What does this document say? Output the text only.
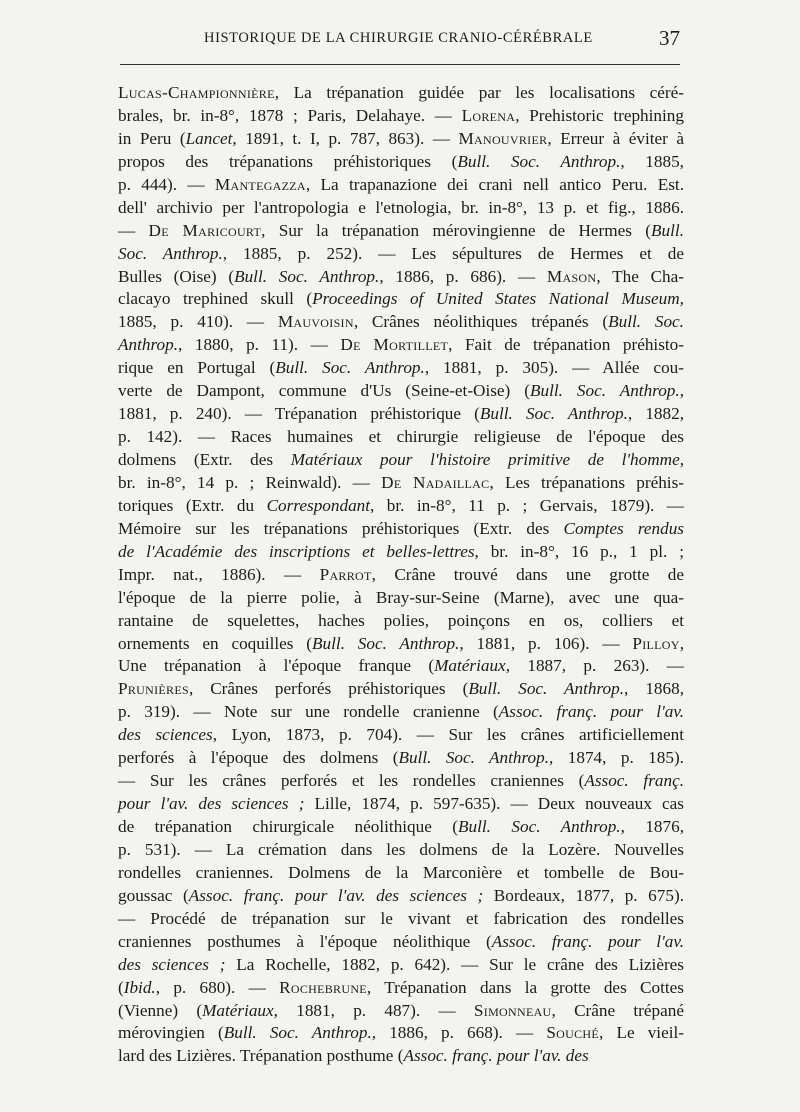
HISTORIQUE DE LA CHIRURGIE CRANIO-CÉRÉBRALE	37
Lucas-Championnière, La trépanation guidée par les localisations céré-
brales, br. in-8°, 1878 ; Paris, Delahaye. — Lorena, Prehistoric trephining
in Peru (Lancet, 1891, t. I, p. 787, 863). — Manouvrier, Erreur à éviter à
propos des trépanations préhistoriques (Bull. Soc. Anthrop., 1885,
p. 444). — Mantegazza, La trapanazione dei crani nell antico Peru. Est.
dell' archivio per l'antropologia e l'etnologia, br. in-8°, 13 p. et fig., 1886.
— De Maricourt, Sur la trépanation mérovingienne de Hermes (Bull.
Soc. Anthrop., 1885, p. 252). — Les sépultures de Hermes et de
Bulles (Oise) (Bull. Soc. Anthrop., 1886, p. 686). — Mason, The Cha-
clacayo trephined skull (Proceedings of United States National Museum,
1885, p. 410). — Mauvoisin, Crânes néolithiques trépanés (Bull. Soc.
Anthrop., 1880, p. 11). — De Mortillet, Fait de trépanation préhisto-
rique en Portugal (Bull. Soc. Anthrop., 1881, p. 305). — Allée cou-
verte de Dampont, commune d'Us (Seine-et-Oise) (Bull. Soc. Anthrop.,
1881, p. 240). — Trépanation préhistorique (Bull. Soc. Anthrop., 1882,
p. 142). — Races humaines et chirurgie religieuse de l'époque des
dolmens (Extr. des Matériaux pour l'histoire primitive de l'homme,
br. in-8°, 14 p. ; Reinwald). — De Nadaillac, Les trépanations préhis-
toriques (Extr. du Correspondant, br. in-8°, 11 p. ; Gervais, 1879). —
Mémoire sur les trépanations préhistoriques (Extr. des Comptes rendus
de l'Académie des inscriptions et belles-lettres, br. in-8°, 16 p., 1 pl. ;
Impr. nat., 1886). — Parrot, Crâne trouvé dans une grotte de
l'époque de la pierre polie, à Bray-sur-Seine (Marne), avec une qua-
rantaine de squelettes, haches polies, poinçons en os, colliers et
ornements en coquilles (Bull. Soc. Anthrop., 1881, p. 106). — Pilloy,
Une trépanation à l'époque franque (Matériaux, 1887, p. 263). —
Prunières, Crânes perforés préhistoriques (Bull. Soc. Anthrop., 1868,
p. 319). — Note sur une rondelle cranienne (Assoc. franç. pour l'av.
des sciences, Lyon, 1873, p. 704). — Sur les crânes artificiellement
perforés à l'époque des dolmens (Bull. Soc. Anthrop., 1874, p. 185).
— Sur les crânes perforés et les rondelles craniennes (Assoc. franç.
pour l'av. des sciences ; Lille, 1874, p. 597-635). — Deux nouveaux cas
de trépanation chirurgicale néolithique (Bull. Soc. Anthrop., 1876,
p. 531). — La crémation dans les dolmens de la Lozère. Nouvelles
rondelles craniennes. Dolmens de la Marconière et tombelle de Bou-
goussac (Assoc. franç. pour l'av. des sciences ; Bordeaux, 1877, p. 675).
— Procédé de trépanation sur le vivant et fabrication des rondelles
craniennes posthumes à l'époque néolithique (Assoc. franç. pour l'av.
des sciences ; La Rochelle, 1882, p. 642). — Sur le crâne des Lizières
(Ibid., p. 680). — Rochebrune, Trépanation dans la grotte des Cottes
(Vienne) (Matériaux, 1881, p. 487). — Simonneau, Crâne trépané
mérovingien (Bull. Soc. Anthrop., 1886, p. 668). — Souché, Le vieil-
lard des Lizières. Trépanation posthume (Assoc. franç. pour l'av. des
